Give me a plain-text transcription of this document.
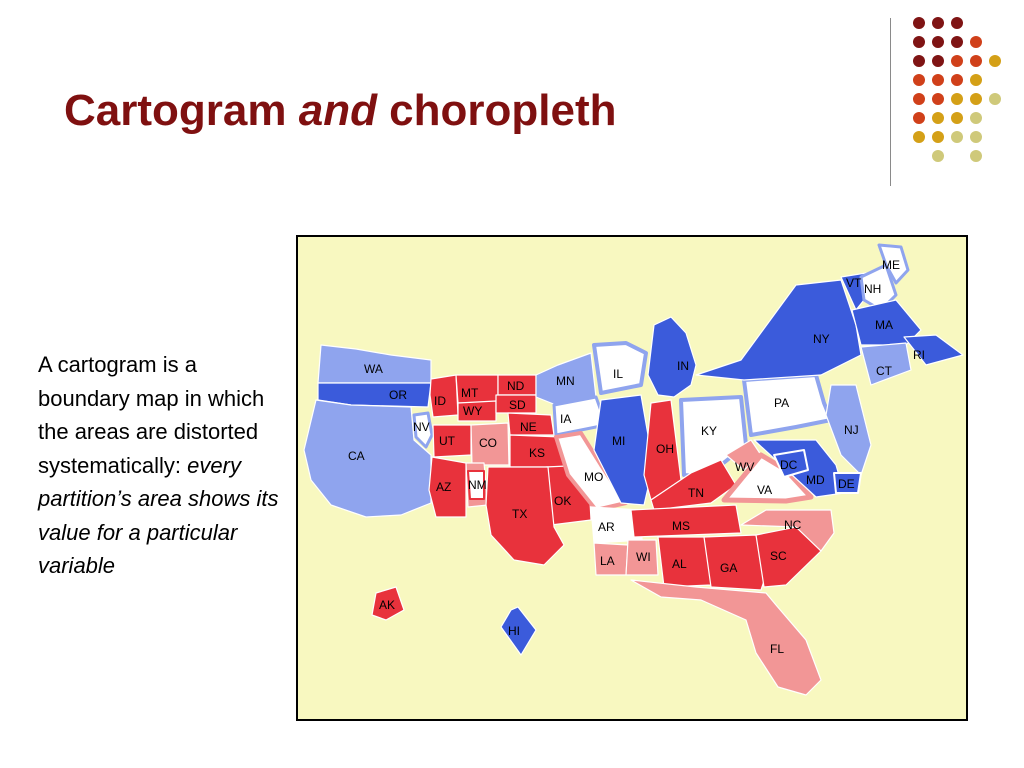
Cartogram and choropleth
A cartogram is a boundary map in which the areas are distorted systematically: every partition’s area shows its value for a particular variable
WA
OR
CA
NV
ID
MT
WY
UT CO
AZ NM
ND
SD
NE
KS
OK
TX
MN
IA
MO
AR
LA WI
IL
MI
IN
OH
KY
TN
MS
AL	GA
FL
SC
NC
VA
WV
PA
NY
VT NH
ME
MA
RI
CT
NJ
DE
MD
DC
AK
HI
